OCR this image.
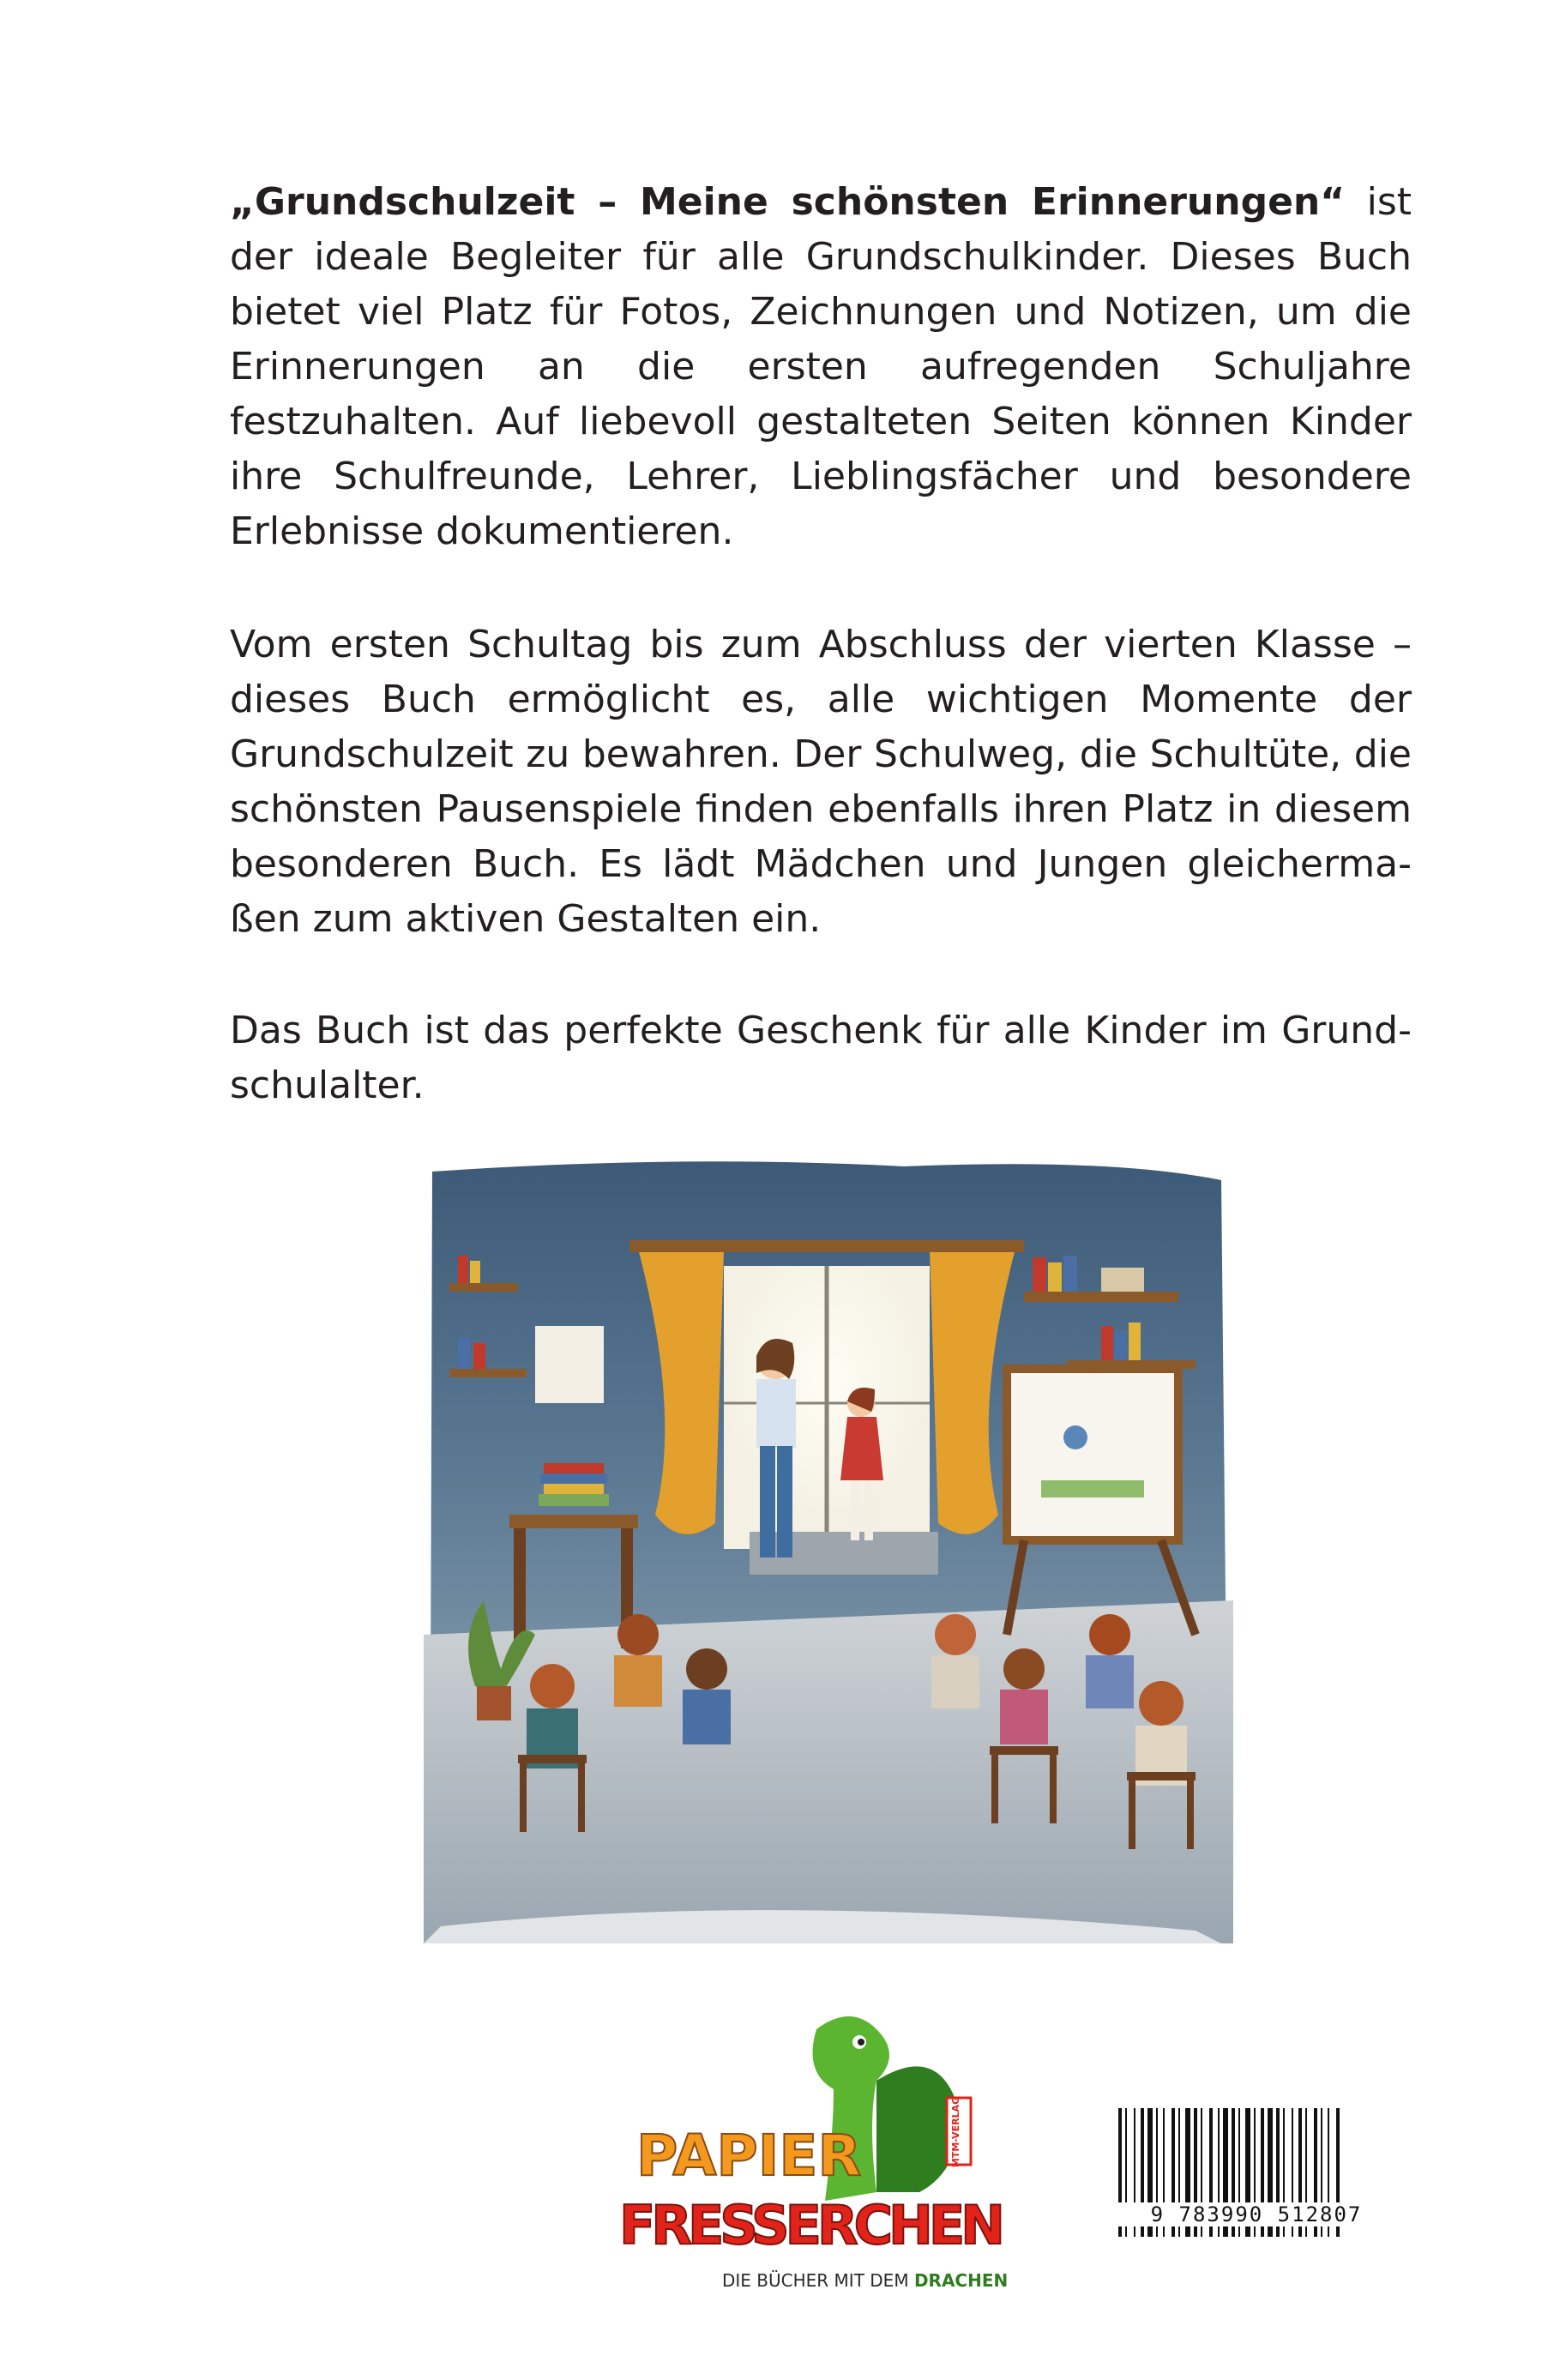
„Grundschulzeit – Meine schönsten Erinnerungen“ ist der ideale Begleiter für alle Grundschulkinder. Dieses Buch bietet viel Platz für Fotos, Zeichnungen und Notizen, um die Erinnerungen an die ersten aufregenden Schuljahre festzuhalten. Auf liebevoll gestalteten Seiten können Kinder ihre Schulfreunde, Lehrer, Lieblingsfächer und besondere Erlebnisse dokumentieren.

Vom ersten Schultag bis zum Abschluss der vierten Klasse – dieses Buch ermöglicht es, alle wichtigen Momente der Grundschulzeit zu bewahren. Der Schulweg, die Schultüte, die schönsten Pausenspiele finden ebenfalls ihren Platz in diesem besonderen Buch. Es lädt Mädchen und Jungen gleichermaßen zum aktiven Gestalten ein.

Das Buch ist das perfekte Geschenk für alle Kinder im Grundschulalter.

MTM-VERLAG
PAPIER
FRESSERCHEN
DIE BÜCHER MIT DEM DRACHEN
9 783990 512807
